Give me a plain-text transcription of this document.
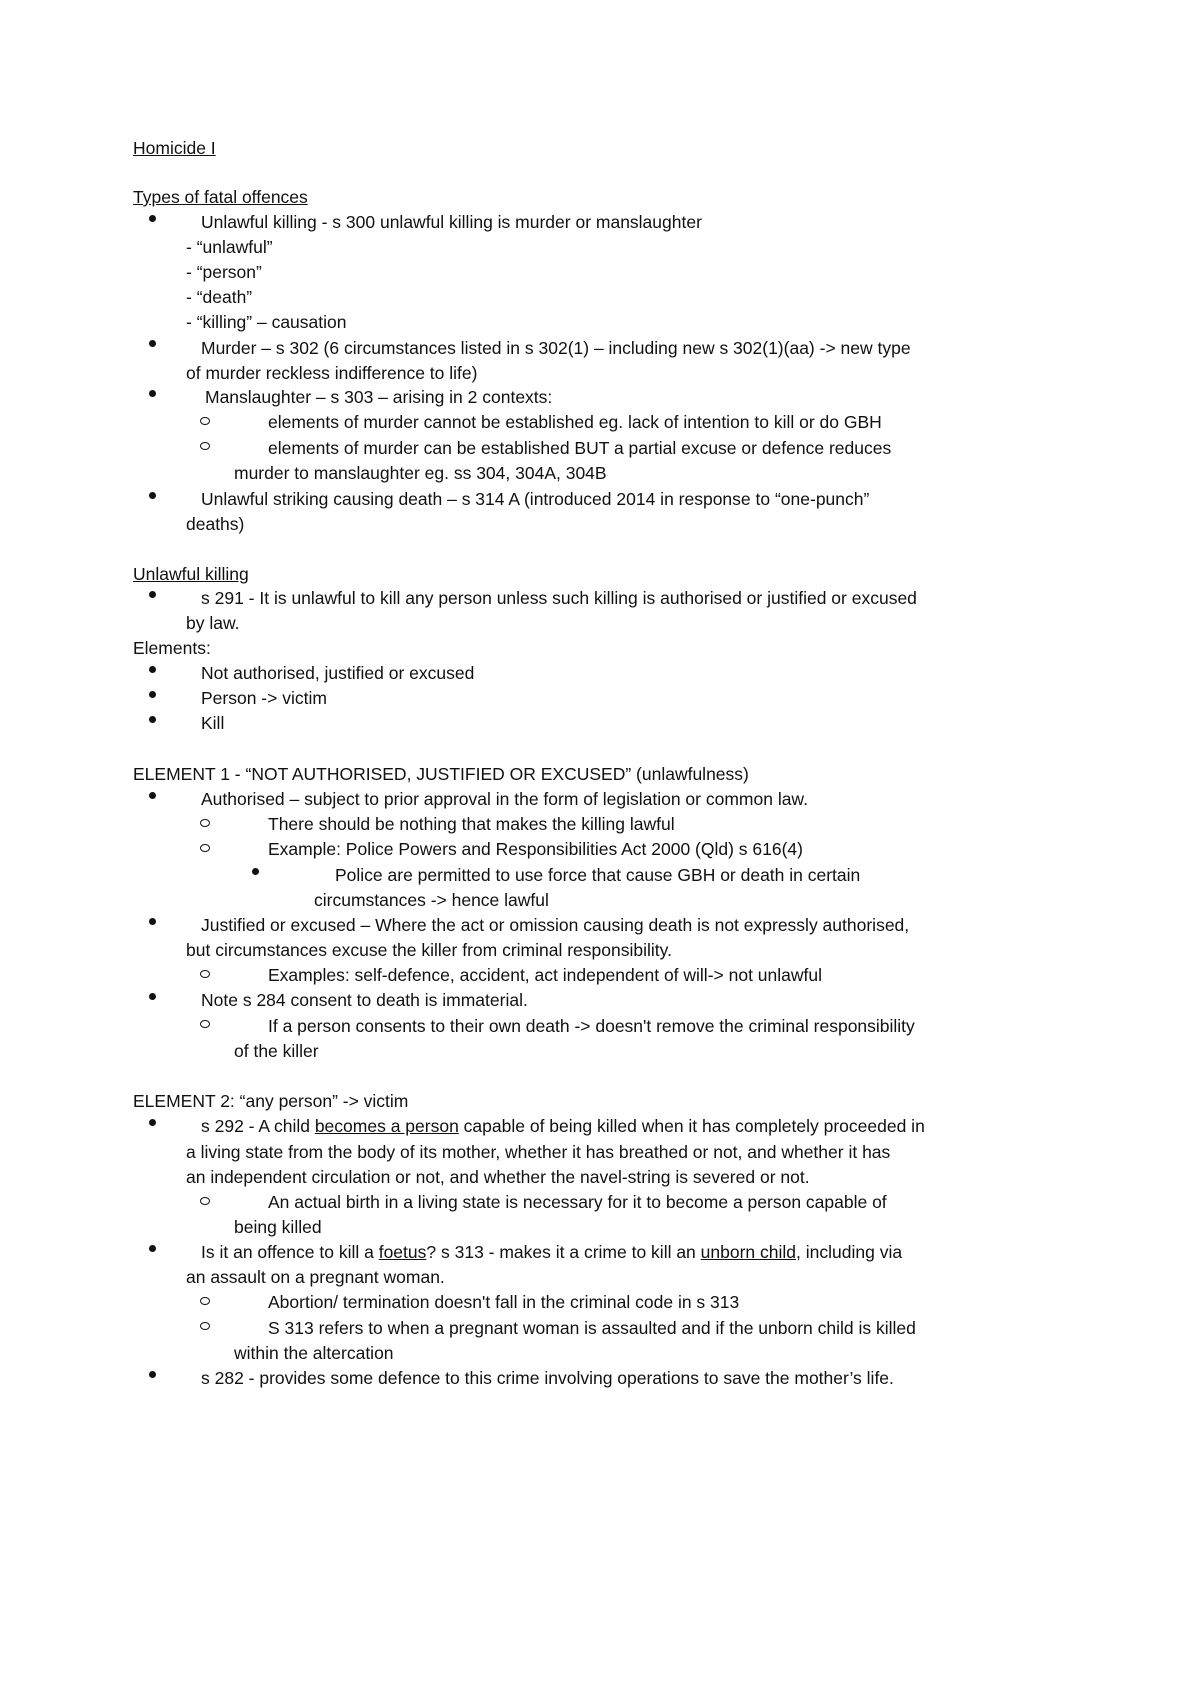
Homicide I
Types of fatal offences
Unlawful killing - s 300 unlawful killing is murder or manslaughter
- “unlawful”
- “person”
- “death”
- “killing” – causation
Murder – s 302 (6 circumstances listed in s 302(1) – including new s 302(1)(aa) -> new type
of murder reckless indifference to life)
Manslaughter – s 303 – arising in 2 contexts:
elements of murder cannot be established eg. lack of intention to kill or do GBH
elements of murder can be established BUT a partial excuse or defence reduces
murder to manslaughter eg. ss 304, 304A, 304B
Unlawful striking causing death – s 314 A (introduced 2014 in response to “one-punch”
deaths)
Unlawful killing
s 291 - It is unlawful to kill any person unless such killing is authorised or justified or excused
by law.
Elements:
Not authorised, justified or excused
Person -> victim
Kill
ELEMENT 1 - “NOT AUTHORISED, JUSTIFIED OR EXCUSED” (unlawfulness)
Authorised – subject to prior approval in the form of legislation or common law.
There should be nothing that makes the killing lawful
Example: Police Powers and Responsibilities Act 2000 (Qld) s 616(4)
Police are permitted to use force that cause GBH or death in certain
circumstances -> hence lawful
Justified or excused – Where the act or omission causing death is not expressly authorised,
but circumstances excuse the killer from criminal responsibility.
Examples: self-defence, accident, act independent of will-> not unlawful
Note s 284 consent to death is immaterial.
If a person consents to their own death -> doesn't remove the criminal responsibility
of the killer
ELEMENT 2: “any person” -> victim
s 292 - A child becomes a person capable of being killed when it has completely proceeded in
a living state from the body of its mother, whether it has breathed or not, and whether it has
an independent circulation or not, and whether the navel-string is severed or not.
An actual birth in a living state is necessary for it to become a person capable of
being killed
Is it an offence to kill a foetus? s 313 - makes it a crime to kill an unborn child, including via
an assault on a pregnant woman.
Abortion/ termination doesn't fall in the criminal code in s 313
S 313 refers to when a pregnant woman is assaulted and if the unborn child is killed
within the altercation
s 282 - provides some defence to this crime involving operations to save the mother’s life.
